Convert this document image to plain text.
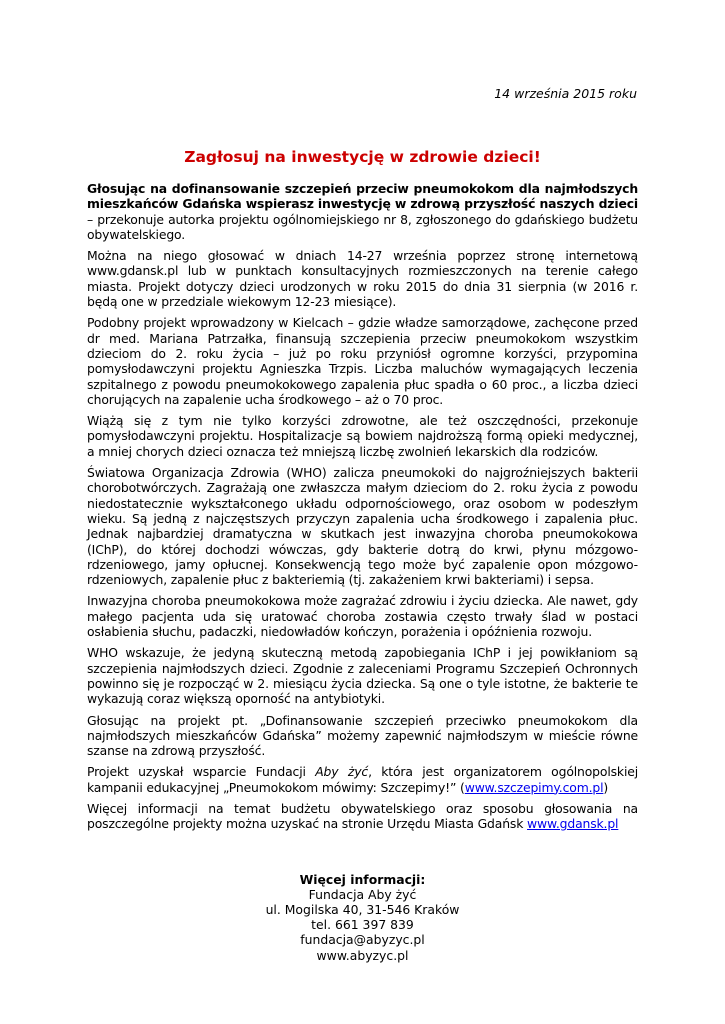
14 września 2015 roku
Zagłosuj na inwestycję w zdrowie dzieci!

Głosując na dofinansowanie szczepień przeciw pneumokokom dla najmłodszych mieszkańców Gdańska wspierasz inwestycję w zdrową przyszłość naszych dzieci – przekonuje autorka projektu ogólnomiejskiego nr 8, zgłoszonego do gdańskiego budżetu obywatelskiego.

Można na niego głosować w dniach 14-27 września poprzez stronę internetową www.gdansk.pl lub w punktach konsultacyjnych rozmieszczonych na terenie całego miasta. Projekt dotyczy dzieci urodzonych w roku 2015 do dnia 31 sierpnia (w 2016 r. będą one w przedziale wiekowym 12-23 miesiące).

Podobny projekt wprowadzony w Kielcach – gdzie władze samorządowe, zachęcone przed dr med. Mariana Patrzałka, finansują szczepienia przeciw pneumokokom wszystkim dzieciom do 2. roku życia – już po roku przyniósł ogromne korzyści, przypomina pomysłodawczyni projektu Agnieszka Trzpis. Liczba maluchów wymagających leczenia szpitalnego z powodu pneumokokowego zapalenia płuc spadła o 60 proc., a liczba dzieci chorujących na zapalenie ucha środkowego – aż o 70 proc.

Wiążą się z tym nie tylko korzyści zdrowotne, ale też oszczędności, przekonuje pomysłodawczyni projektu. Hospitalizacje są bowiem najdroższą formą opieki medycznej, a mniej chorych dzieci oznacza też mniejszą liczbę zwolnień lekarskich dla rodziców.

Światowa Organizacja Zdrowia (WHO) zalicza pneumokoki do najgroźniejszych bakterii chorobotwórczych. Zagrażają one zwłaszcza małym dzieciom do 2. roku życia z powodu niedostatecznie wykształconego układu odpornościowego, oraz osobom w podeszłym wieku. Są jedną z najczęstszych przyczyn zapalenia ucha środkowego i zapalenia płuc. Jednak najbardziej dramatyczna w skutkach jest inwazyjna choroba pneumokokowa (IChP), do której dochodzi wówczas, gdy bakterie dotrą do krwi, płynu mózgowo-rdzeniowego, jamy opłucnej. Konsekwencją tego może być zapalenie opon mózgowo-rdzeniowych, zapalenie płuc z bakteriemią (tj. zakażeniem krwi bakteriami) i sepsa.

Inwazyjna choroba pneumokokowa może zagrażać zdrowiu i życiu dziecka. Ale nawet, gdy małego pacjenta uda się uratować choroba zostawia często trwały ślad w postaci osłabienia słuchu, padaczki, niedowładów kończyn, porażenia i opóźnienia rozwoju.

WHO wskazuje, że jedyną skuteczną metodą zapobiegania IChP i jej powikłaniom są szczepienia najmłodszych dzieci. Zgodnie z zaleceniami Programu Szczepień Ochronnych powinno się je rozpocząć w 2. miesiącu życia dziecka. Są one o tyle istotne, że bakterie te wykazują coraz większą oporność na antybiotyki.

Głosując na projekt pt. „Dofinansowanie szczepień przeciwko pneumokokom dla najmłodszych mieszkańców Gdańska” możemy zapewnić najmłodszym w mieście równe szanse na zdrową przyszłość.

Projekt uzyskał wsparcie Fundacji Aby żyć, która jest organizatorem ogólnopolskiej kampanii edukacyjnej „Pneumokokom mówimy: Szczepimy!” (www.szczepimy.com.pl)

Więcej informacji na temat budżetu obywatelskiego oraz sposobu głosowania na poszczególne projekty można uzyskać na stronie Urzędu Miasta Gdańsk www.gdansk.pl

Więcej informacji:
Fundacja Aby żyć
ul. Mogilska 40, 31-546 Kraków
tel. 661 397 839
fundacja@abyzyc.pl
www.abyzyc.pl
